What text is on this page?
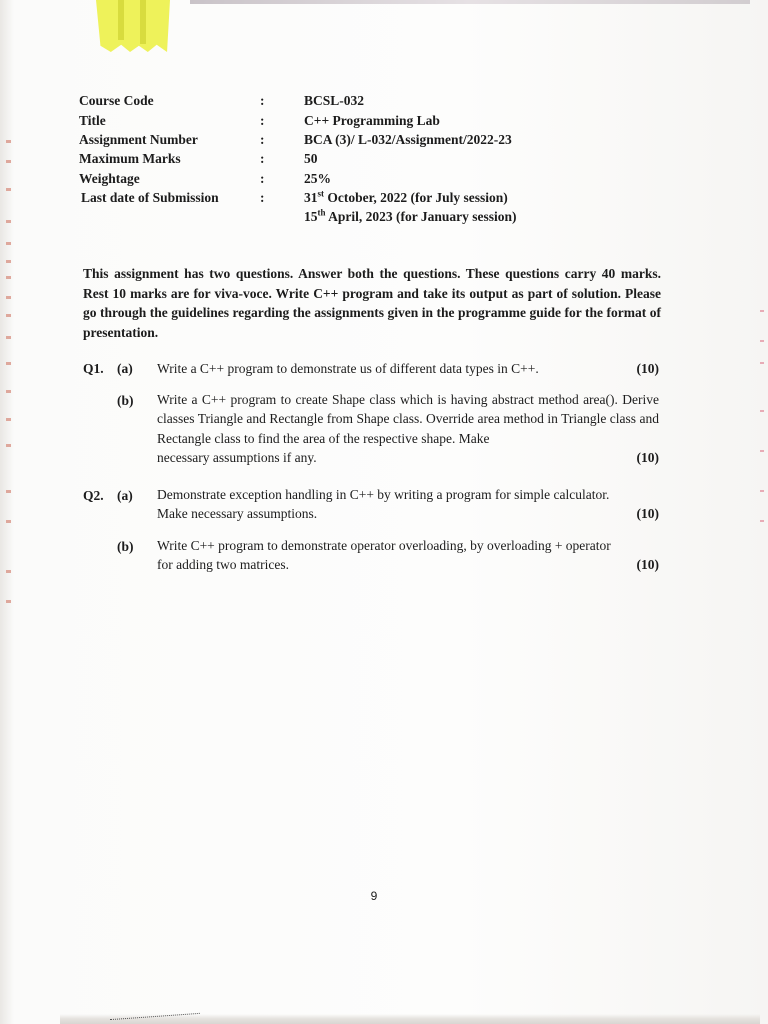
Course Code	:	BCSL-032
Title	:	C++ Programming Lab
Assignment Number	:	BCA (3)/ L-032/Assignment/2022-23
Maximum Marks	:	50
Weightage	:	25%
Last date of Submission	:	31st October, 2022 (for July session)
15th April, 2023 (for January session)
This assignment has two questions. Answer both the questions. These questions carry 40 marks. Rest 10 marks are for viva-voce. Write C++ program and take its output as part of solution. Please go through the guidelines regarding the assignments given in the programme guide for the format of presentation.
Q1. (a) Write a C++ program to demonstrate us of different data types in C++.	(10)
(b) Write a C++ program to create Shape class which is having abstract method area(). Derive classes Triangle and Rectangle from Shape class. Override area method in Triangle class and Rectangle class to find the area of the respective shape. Make
necessary assumptions if any.	(10)
Q2. (a) Demonstrate exception handling in C++ by writing a program for simple calculator.
Make necessary assumptions.	(10)
(b) Write C++ program to demonstrate operator overloading, by overloading + operator
for adding two matrices.	(10)
9
